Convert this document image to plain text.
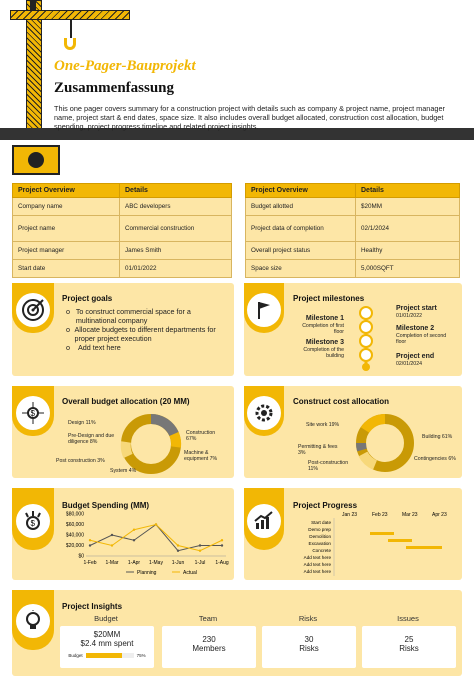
One-Pager-Bauprojekt
Zusammenfassung
This one pager covers summary for a construction project with details such as company & project name, project manager name, project start & end dates, space size. It also includes overall budget allocated, construction cost allocation, budget spending, project progress timeline and related project insights.
Project Overview	Details
Company name	ABC developers
Project name	Commercial construction
Project manager	James Smith
Start date	01/01/2022
Project Overview	Details
Budget allotted	$20MM
Project data of completion	02/1/2024
Overall project status	Healthy
Space size	5,000SQFT
Project goals
o To construct commercial space for a multinational company
o Allocate budgets to different departments for proper project execution
o	Add text here
Project milestones
Milestone 1
Completion of first floor
Milestone 3
Completion of the building
Project start
01/01/2022
Milestone 2
Completion of second floor
Project end
02/01/2024
$
Overall budget allocation (20 MM)
Design 11%
Pre-Design and due diligence 8%
Post construction 3%
System 4%
Construction 67%
Machine & equipment 7%
Construct cost allocation
Site work 19%
Permitting & fees 3%
Post-construction 11%
Building 61%
Contingencies 6%
$
Budget Spending (MM)
$0
$20,000
$40,000
$60,000
$80,000
1-Feb 1-Mar 1-Apr 1-May 1-Jun 1-Jul 1-Aug
Planning	Actual
Project Progress
Jan 23	Feb 23	Mar 23	Apr 23
Start date
Demo prep
Demolition
Excavation
Concrete
Add text here
Add text here
Add text here
Project Insights
Budget	Team	Risks	Issues
$20MM
$2.4 mm spent
Budget	75%
230
Members
30
Risks
25
Risks
